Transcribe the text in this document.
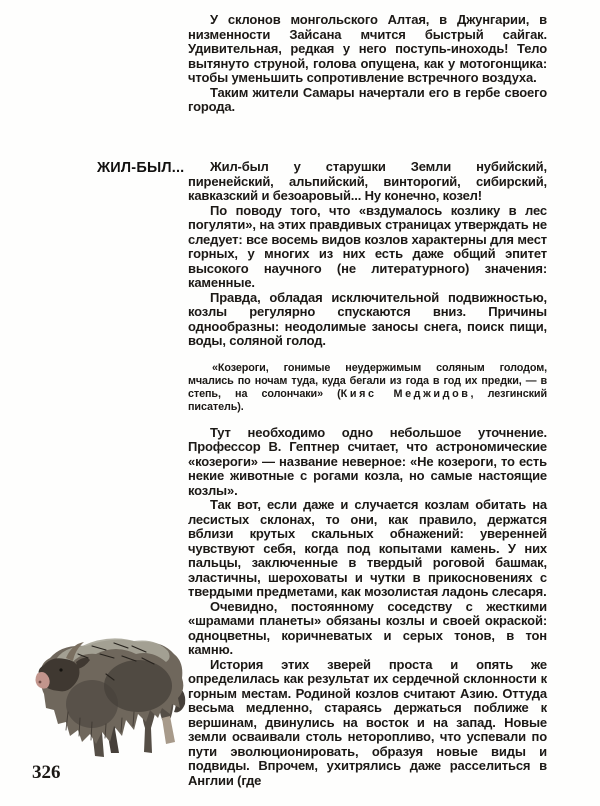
У склонов монгольского Алтая, в Джунгарии, в низменности Зайсана мчится быстрый сайгак. Удивительная, редкая у него поступь-иноходь! Тело вытянуто струной, голова опущена, как у мотогонщика: чтобы уменьшить сопротивление встречного воздуха.

Таким жители Самары начертали его в гербе своего города.

ЖИЛ-БЫЛ...	Жил-был у старушки Земли нубийский, пиренейский, альпийский, винторогий, сибирский, кавказский и безоаровый... Ну конечно, козел!

По поводу того, что «вздумалось козлику в лес погуляти», на этих правдивых страницах утверждать не следует: все восемь видов козлов характерны для мест горных, у многих из них есть даже общий эпитет высокого научного (не литературного) значения: каменные.

Правда, обладая исключительной подвижностью, козлы регулярно спускаются вниз. Причины однообразны: неодолимые заносы снега, поиск пищи, воды, соляной голод.

«Козероги, гонимые неудержимым соляным голодом, мчались по ночам туда, куда бегали из года в год их предки, — в степь, на солончаки» (Кияс Меджидов, лезгинский писатель).

Тут необходимо одно небольшое уточнение. Профессор В. Гептнер считает, что астрономические «козероги» — название неверное: «Не козероги, то есть некие животные с рогами козла, но самые настоящие козлы».

Так вот, если даже и случается козлам обитать на лесистых склонах, то они, как правило, держатся вблизи крутых скальных обнажений: уверенней чувствуют себя, когда под копытами камень. У них пальцы, заключенные в твердый роговой башмак, эластичны, шероховаты и чутки в прикосновениях с твердыми предметами, как мозолистая ладонь слесаря.

Очевидно, постоянному соседству с жесткими «шрамами планеты» обязаны козлы и своей окраской: одноцветны, коричневатых и серых тонов, в тон камню.

История этих зверей проста и опять же определилась как результат их сердечной склонности к горным местам. Родиной козлов считают Азию. Оттуда весьма медленно, стараясь держаться поближе к вершинам, двинулись на восток и на запад. Новые земли осваивали столь неторопливо, что успевали по пути эволюционировать, образуя новые виды и подвиды. Впрочем, ухитрялись даже расселиться в Англии (где

326
